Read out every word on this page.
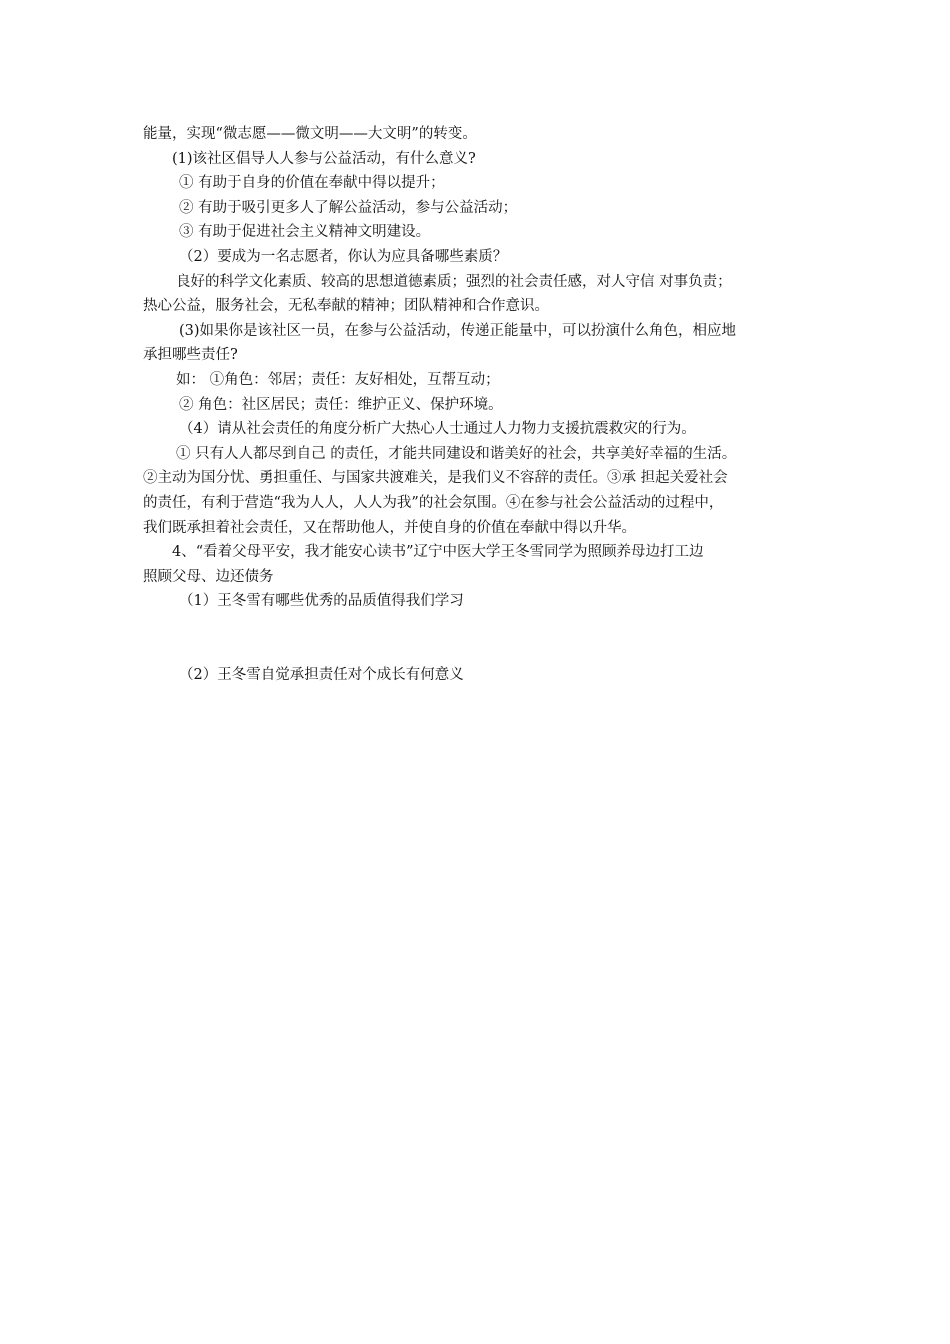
能量，实现“微志愿——微文明——大文明”的转变。
(1)该社区倡导人人参与公益活动，有什么意义?
① 有助于自身的价值在奉献中得以提升；
② 有助于吸引更多人了解公益活动，参与公益活动；
③ 有助于促进社会主义精神文明建设。
（2）要成为一名志愿者，你认为应具备哪些素质？
良好的科学文化素质、较高的思想道德素质；强烈的社会责任感，对人守信 对事负责；
热心公益，服务社会，无私奉献的精神；团队精神和合作意识。
(3)如果你是该社区一员，在参与公益活动，传递正能量中，可以扮演什么角色，相应地
承担哪些责任?
如： ①角色：邻居；责任：友好相处，互帮互动；
② 角色：社区居民；责任：维护正义、保护环境。
（4）请从社会责任的角度分析广大热心人士通过人力物力支援抗震救灾的行为。
① 只有人人都尽到自己 的责任，才能共同建设和谐美好的社会，共享美好幸福的生活。
②主动为国分忧、勇担重任、与国家共渡难关，是我们义不容辞的责任。③承 担起关爱社会
的责任，有利于营造“我为人人，人人为我”的社会氛围。④在参与社会公益活动的过程中，
我们既承担着社会责任，又在帮助他人，并使自身的价值在奉献中得以升华。
4、“看着父母平安，我才能安心读书”辽宁中医大学王冬雪同学为照顾养母边打工边
照顾父母、边还债务
（1）王冬雪有哪些优秀的品质值得我们学习
（2）王冬雪自觉承担责任对个成长有何意义
